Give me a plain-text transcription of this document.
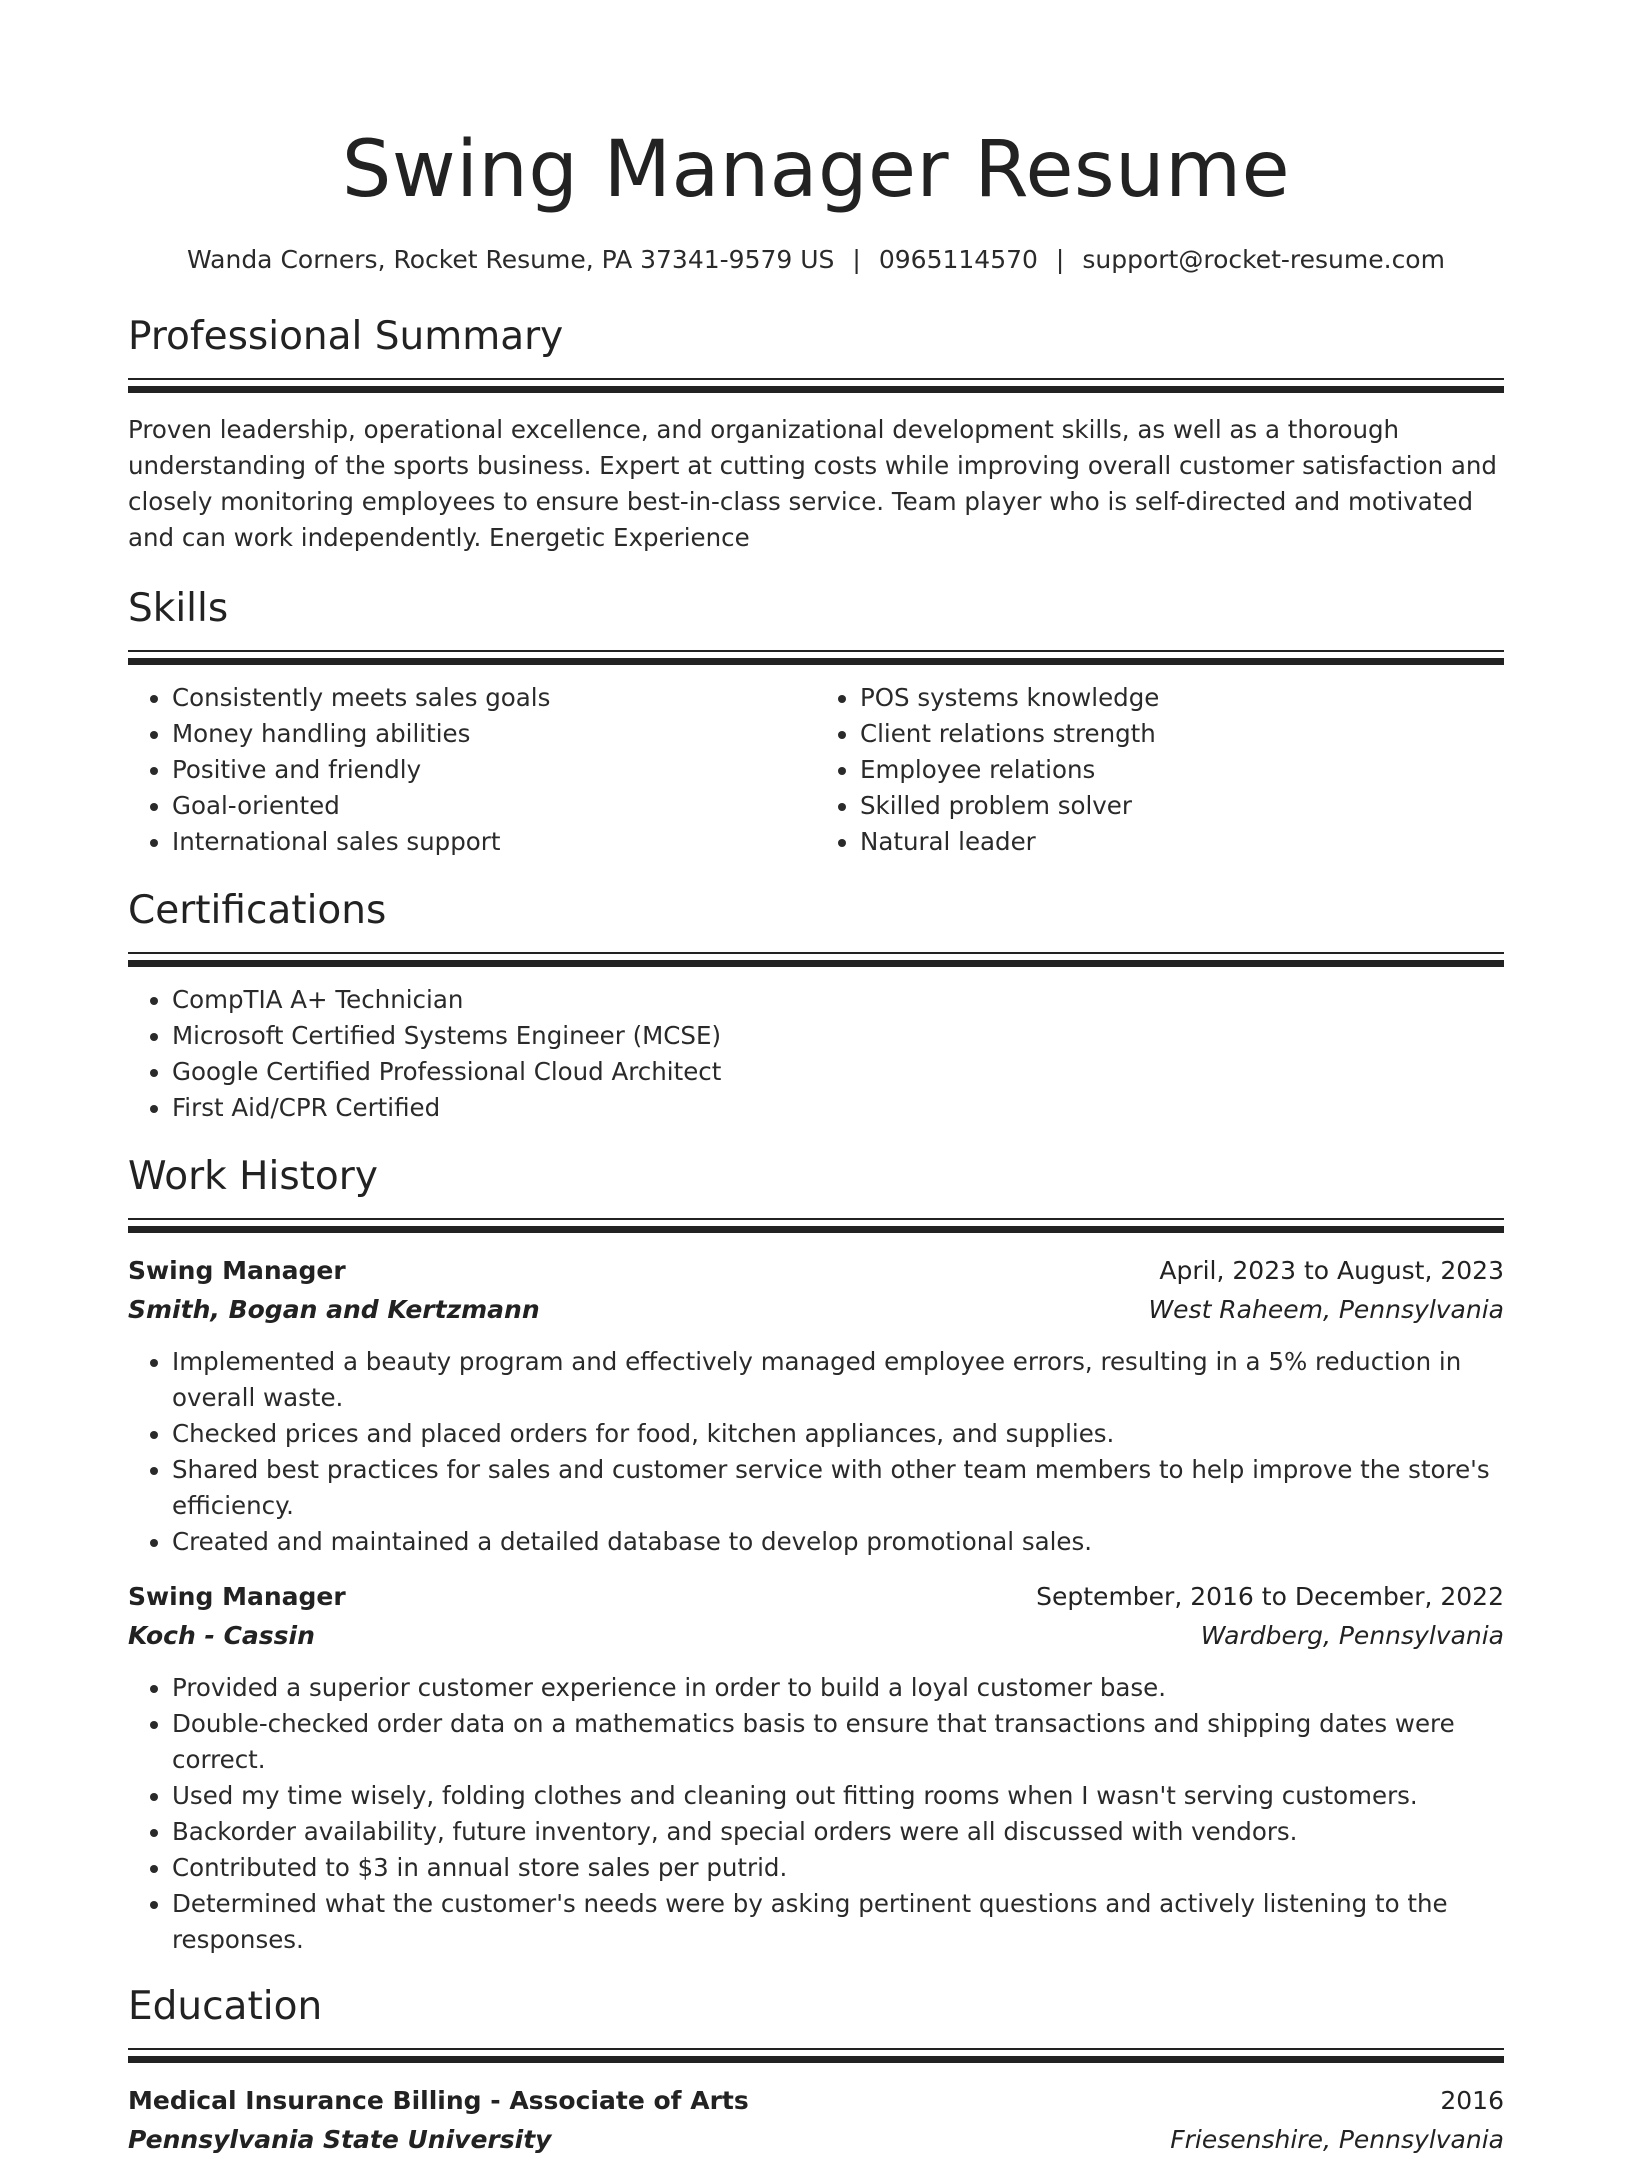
Swing Manager Resume
Wanda Corners, Rocket Resume, PA 37341-9579 US | 0965114570 | support@rocket-resume.com
Professional Summary

Proven leadership, operational excellence, and organizational development skills, as well as a thorough understanding of the sports business. Expert at cutting costs while improving overall customer satisfaction and closely monitoring employees to ensure best-in-class service. Team player who is self-directed and motivated and can work independently. Energetic Experience

Skills
• Consistently meets sales goals
• Money handling abilities
• Positive and friendly
• Goal-oriented
• International sales support
• POS systems knowledge
• Client relations strength
• Employee relations
• Skilled problem solver
• Natural leader
Certifications
• CompTIA A+ Technician
• Microsoft Certified Systems Engineer (MCSE)
• Google Certified Professional Cloud Architect
• First Aid/CPR Certified
Work History
Swing Manager	April, 2023 to August, 2023
Smith, Bogan and Kertzmann	West Raheem, Pennsylvania
• Implemented a beauty program and effectively managed employee errors, resulting in a 5% reduction in overall waste.
• Checked prices and placed orders for food, kitchen appliances, and supplies.
• Shared best practices for sales and customer service with other team members to help improve the store's efficiency.
• Created and maintained a detailed database to develop promotional sales.
Swing Manager	September, 2016 to December, 2022
Koch - Cassin	Wardberg, Pennsylvania
• Provided a superior customer experience in order to build a loyal customer base.
• Double-checked order data on a mathematics basis to ensure that transactions and shipping dates were correct.
• Used my time wisely, folding clothes and cleaning out fitting rooms when I wasn't serving customers.
• Backorder availability, future inventory, and special orders were all discussed with vendors.
• Contributed to $3 in annual store sales per putrid.
• Determined what the customer's needs were by asking pertinent questions and actively listening to the responses.
Education
Medical Insurance Billing - Associate of Arts	2016
Pennsylvania State University	Friesenshire, Pennsylvania
